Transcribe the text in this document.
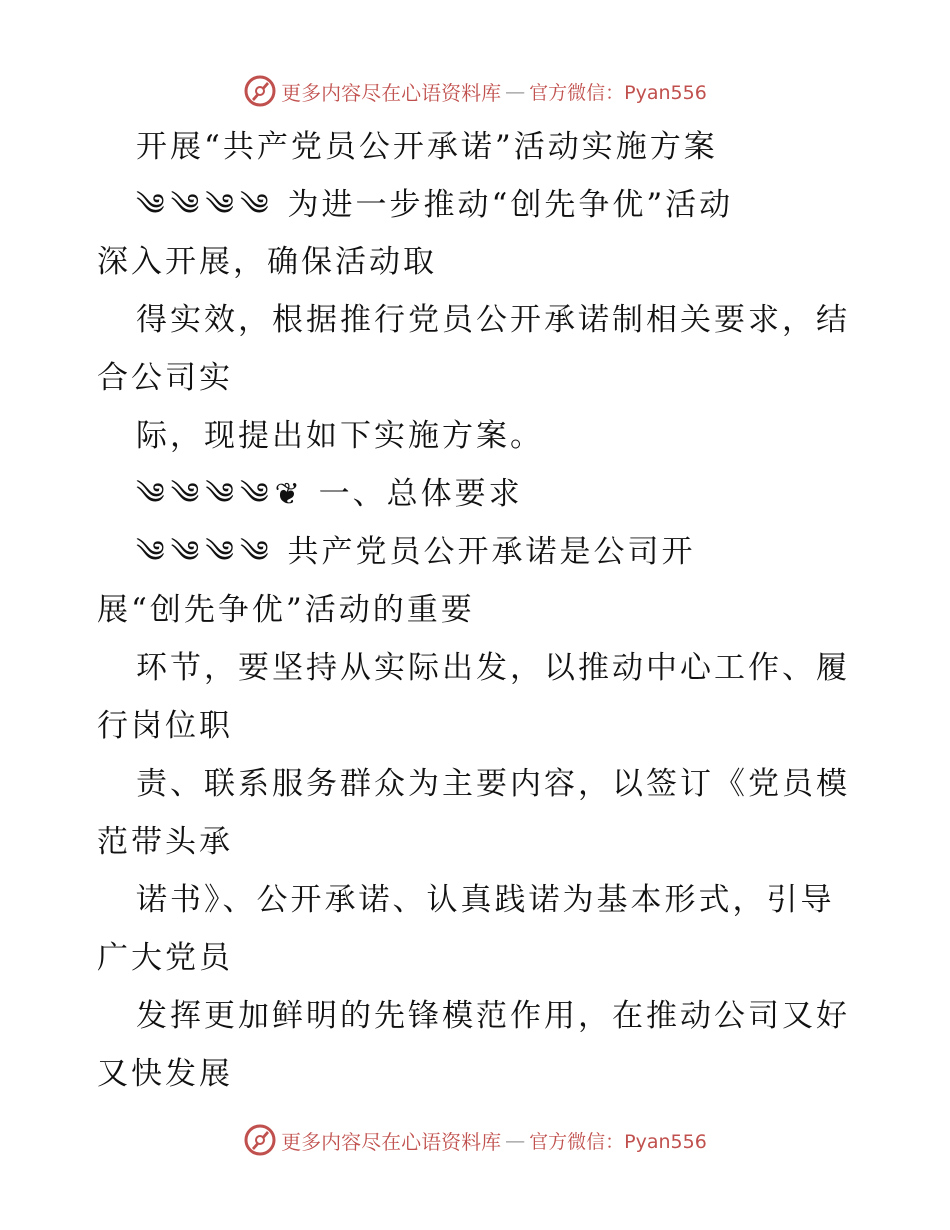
更多内容尽在心语资料库 — 官方微信：Pyan556
开展“共产党员公开承诺”活动实施方案
༄༄༄༄ 为进一步推动“创先争优”活动
深入开展，确保活动取
得实效，根据推行党员公开承诺制相关要求，结
合公司实
际，现提出如下实施方案。
༄༄༄༄❦ 一、总体要求
༄༄༄༄ 共产党员公开承诺是公司开
展“创先争优”活动的重要
环节，要坚持从实际出发，以推动中心工作、履
行岗位职
责、联系服务群众为主要内容，以签订《党员模
范带头承
诺书》、公开承诺、认真践诺为基本形式，引导
广大党员
发挥更加鲜明的先锋模范作用，在推动公司又好
又快发展
更多内容尽在心语资料库 — 官方微信：Pyan556
